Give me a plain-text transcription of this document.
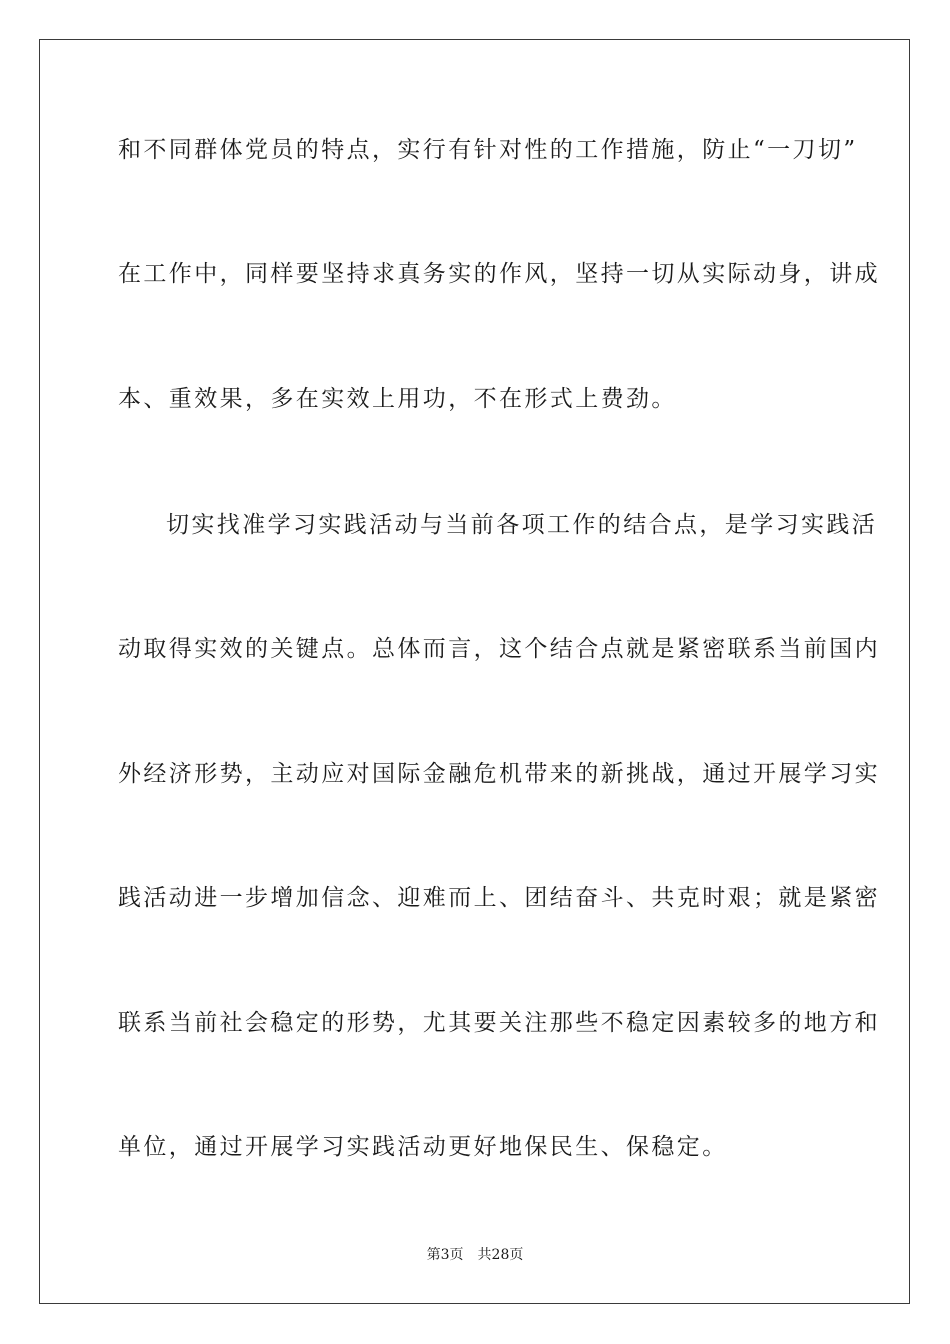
和不同群体党员的特点，实行有针对性的工作措施，防止“一刀切”
在工作中，同样要坚持求真务实的作风，坚持一切从实际动身，讲成
本、重效果，多在实效上用功，不在形式上费劲。
切实找准学习实践活动与当前各项工作的结合点，是学习实践活
动取得实效的关键点。总体而言，这个结合点就是紧密联系当前国内
外经济形势，主动应对国际金融危机带来的新挑战，通过开展学习实
践活动进一步增加信念、迎难而上、团结奋斗、共克时艰；就是紧密
联系当前社会稳定的形势，尤其要关注那些不稳定因素较多的地方和
单位，通过开展学习实践活动更好地保民生、保稳定。
第3页 共28页
